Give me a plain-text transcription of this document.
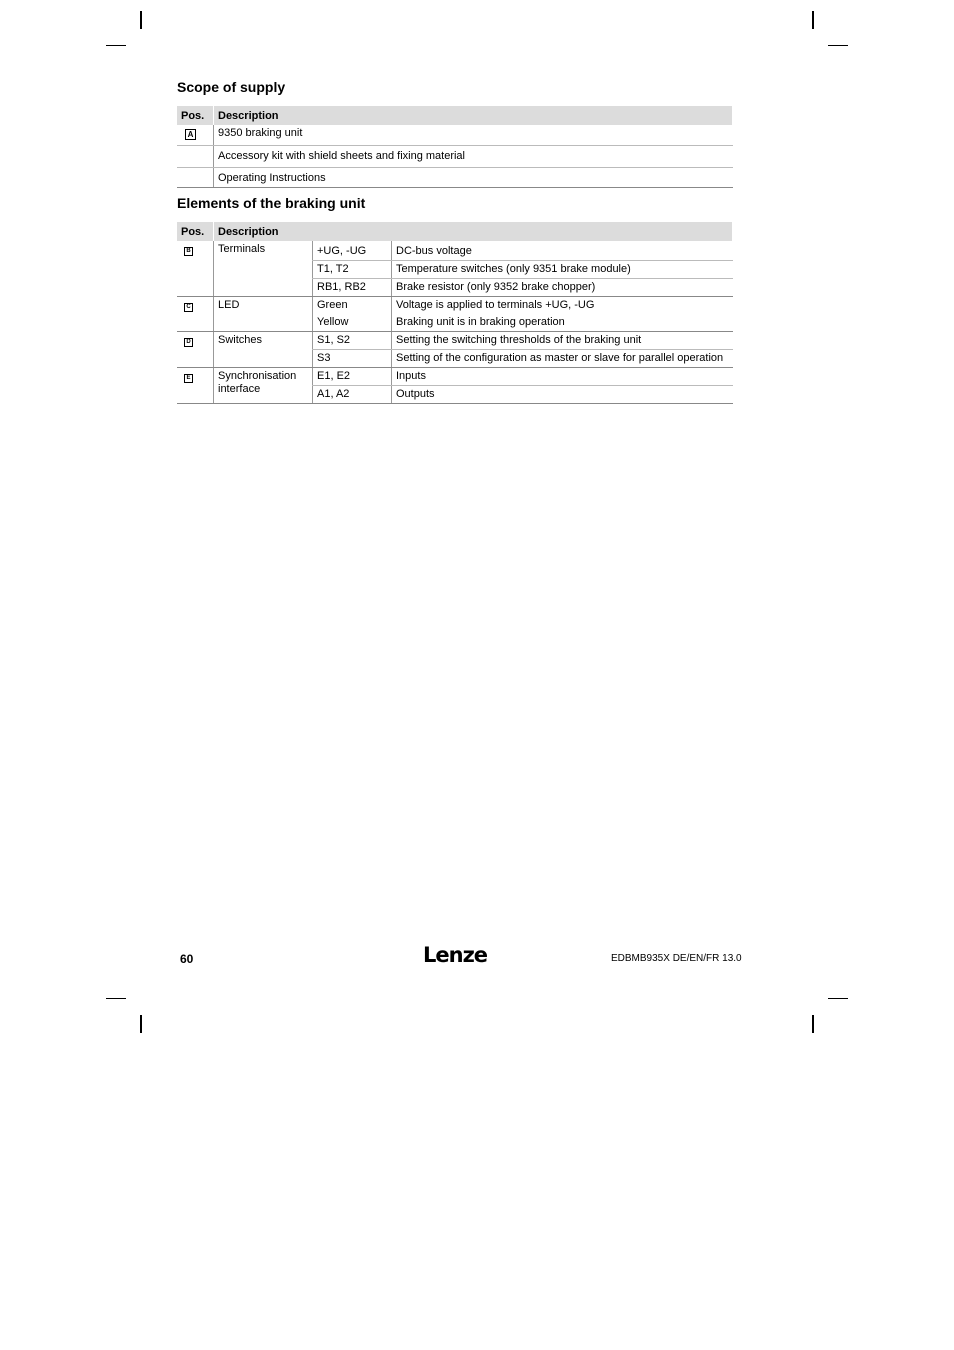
Scope of supply
Pos.	Description
A	9350 braking unit
	Accessory kit with shield sheets and fixing material
	Operating Instructions
Elements of the braking unit
Pos.	Description		
B	Terminals	+UG, -UG	DC-bus voltage
		T1, T2	Temperature switches (only 9351 brake module)
		RB1, RB2	Brake resistor (only 9352 brake chopper)
C	LED	Green	Voltage is applied to terminals +UG, -UG
		Yellow	Braking unit is in braking operation
D	Switches	S1, S2	Setting the switching thresholds of the braking unit
		S3	Setting of the configuration as master or slave for parallel operation
E	Synchronisation interface	E1, E2	Inputs
		A1, A2	Outputs
60	Lenze	EDBMB935X DE/EN/FR 13.0
